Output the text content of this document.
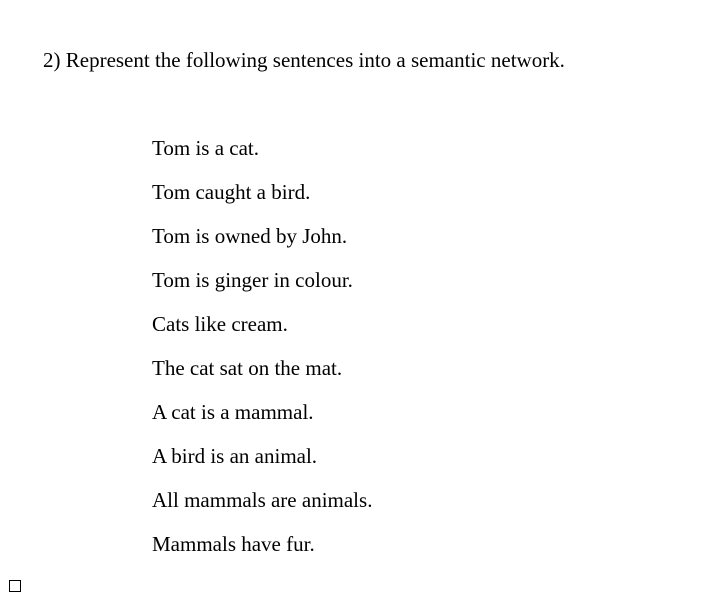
2) Represent the following sentences into a semantic network.
Tom is a cat.
Tom caught a bird.
Tom is owned by John.
Tom is ginger in colour.
Cats like cream.
The cat sat on the mat.
A cat is a mammal.
A bird is an animal.
All mammals are animals.
Mammals have fur.
